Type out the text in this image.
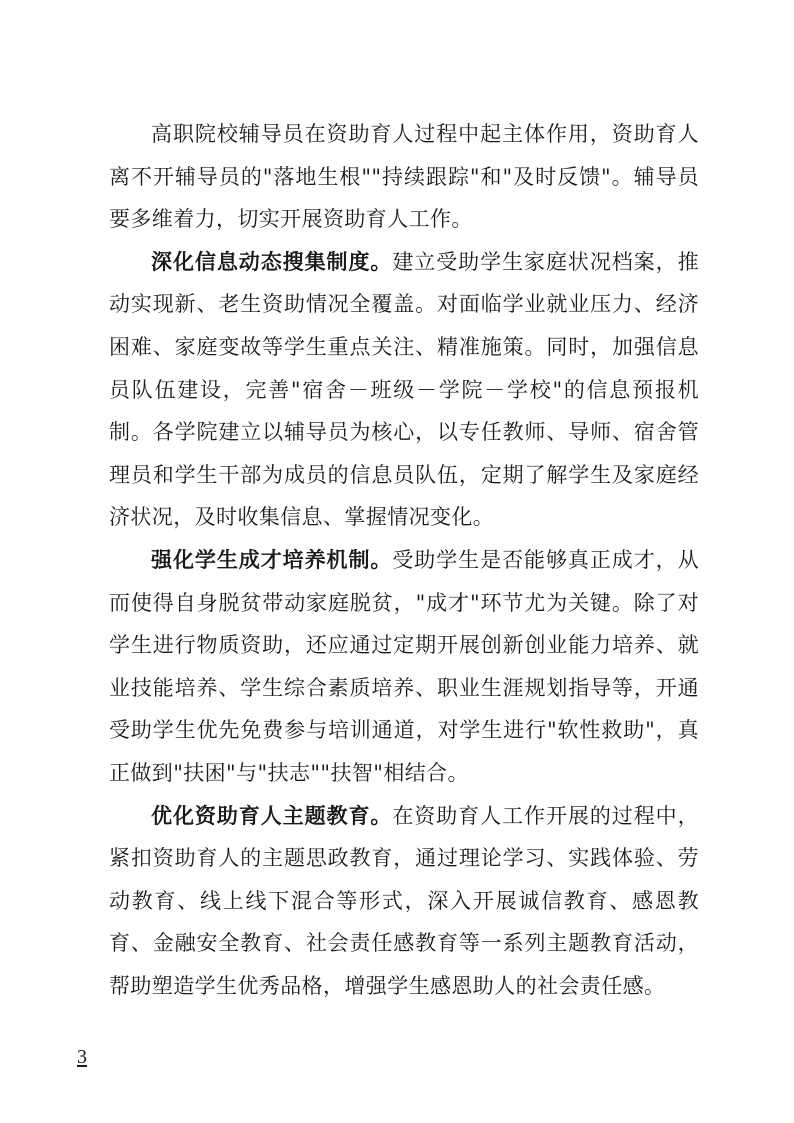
高职院校辅导员在资助育人过程中起主体作用，资助育人离不开辅导员的"落地生根""持续跟踪"和"及时反馈"。辅导员要多维着力，切实开展资助育人工作。

深化信息动态搜集制度。建立受助学生家庭状况档案，推动实现新、老生资助情况全覆盖。对面临学业就业压力、经济困难、家庭变故等学生重点关注、精准施策。同时，加强信息员队伍建设，完善"宿舍－班级－学院－学校"的信息预报机制。各学院建立以辅导员为核心，以专任教师、导师、宿舍管理员和学生干部为成员的信息员队伍，定期了解学生及家庭经济状况，及时收集信息、掌握情况变化。

强化学生成才培养机制。受助学生是否能够真正成才，从而使得自身脱贫带动家庭脱贫，"成才"环节尤为关键。除了对学生进行物质资助，还应通过定期开展创新创业能力培养、就业技能培养、学生综合素质培养、职业生涯规划指导等，开通受助学生优先免费参与培训通道，对学生进行"软性救助"，真正做到"扶困"与"扶志""扶智"相结合。

优化资助育人主题教育。在资助育人工作开展的过程中，紧扣资助育人的主题思政教育，通过理论学习、实践体验、劳动教育、线上线下混合等形式，深入开展诚信教育、感恩教育、金融安全教育、社会责任感教育等一系列主题教育活动，帮助塑造学生优秀品格，增强学生感恩助人的社会责任感。

3
